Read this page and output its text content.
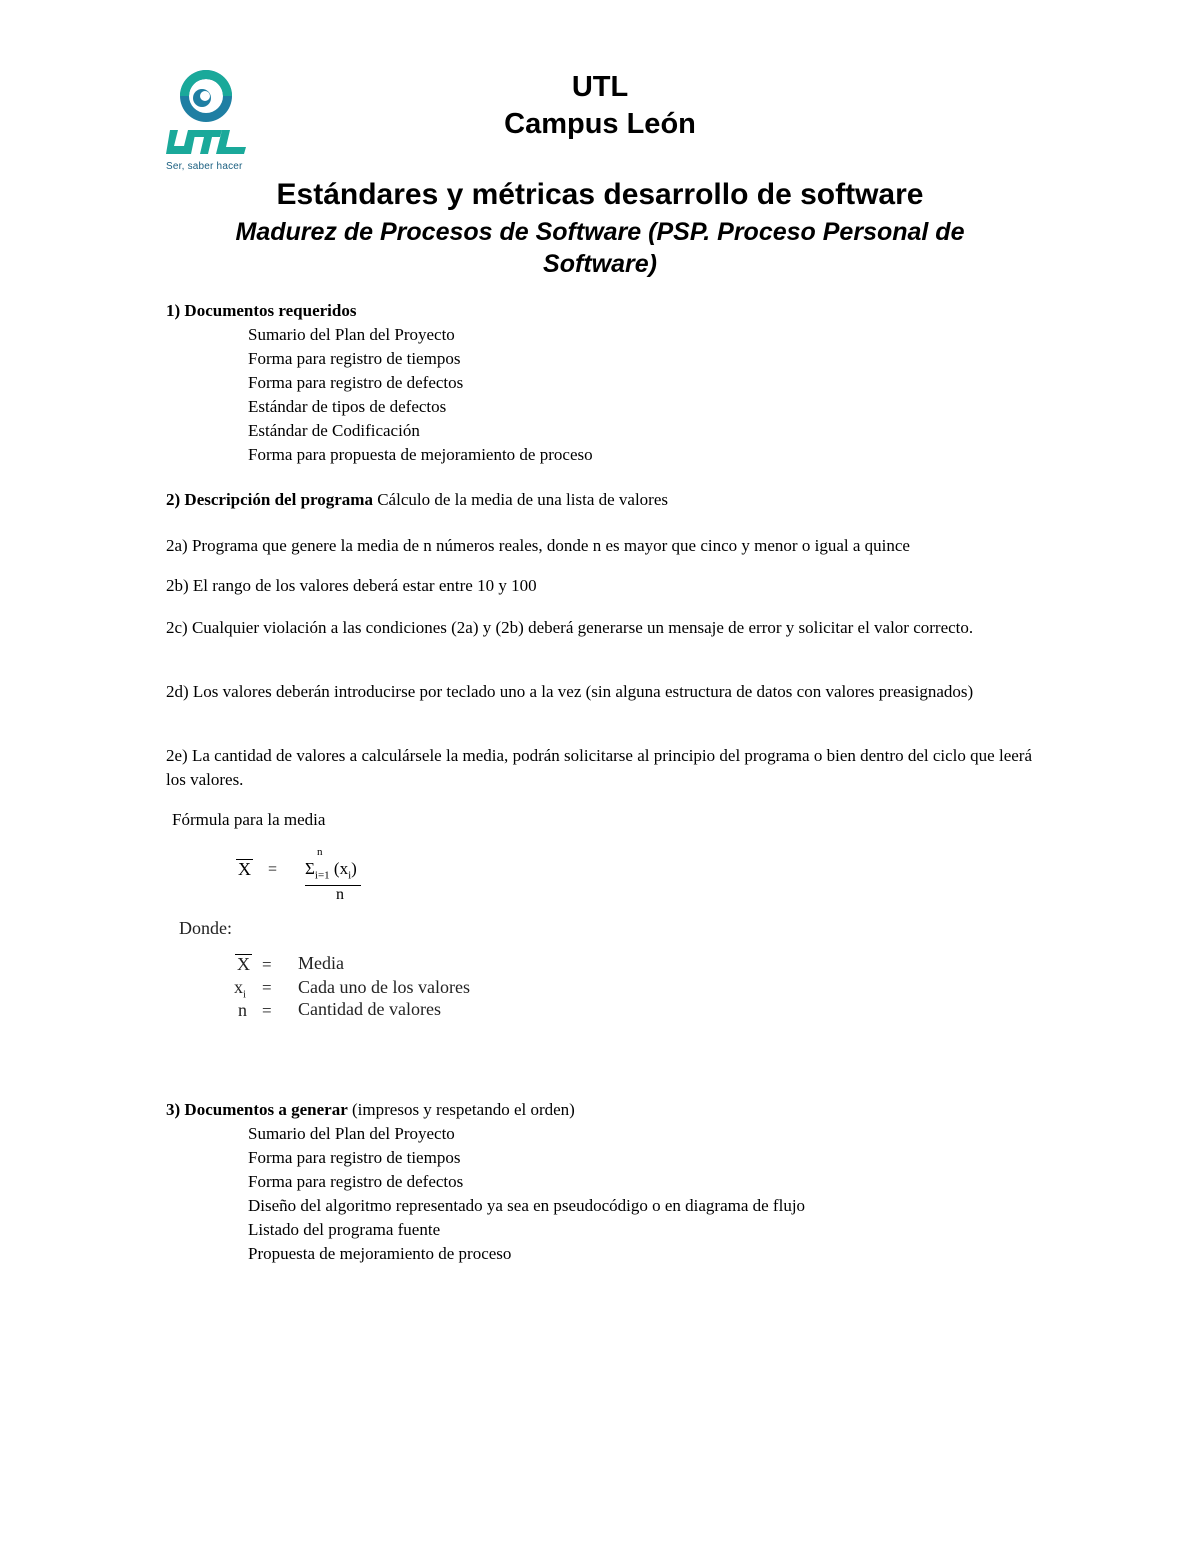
Ser, saber hacer
UTL
Campus León
Estándares y métricas desarrollo de software
Madurez de Procesos de Software (PSP. Proceso Personal de Software)
1) Documentos requeridos
Sumario del Plan del Proyecto
Forma para registro de tiempos
Forma para registro de defectos
Estándar de tipos de defectos
Estándar de Codificación
Forma para propuesta de mejoramiento de proceso
2) Descripción del programa Cálculo de la media de una lista de valores
2a) Programa que genere la media de n números reales, donde n es mayor que cinco y menor o igual a quince
2b) El rango de los valores deberá estar entre 10 y 100
2c) Cualquier violación a las condiciones (2a) y (2b) deberá generarse un mensaje de error y solicitar el valor correcto.
2d) Los valores deberán introducirse por teclado uno a la vez (sin alguna estructura de datos con valores preasignados)
2e) La cantidad de valores a calculársele la media, podrán solicitarse al principio del programa o bien dentro del ciclo que leerá los valores.
Fórmula para la media
X =
n
$\Sigma_{i=1}$ $(x_i)$
n
Donde:
X = Media
$x_i$ = Cada uno de los valores
n = Cantidad de valores
3) Documentos a generar (impresos y respetando el orden)
Sumario del Plan del Proyecto
Forma para registro de tiempos
Forma para registro de defectos
Diseño del algoritmo representado ya sea en pseudocódigo o en diagrama de flujo
Listado del programa fuente
Propuesta de mejoramiento de proceso
